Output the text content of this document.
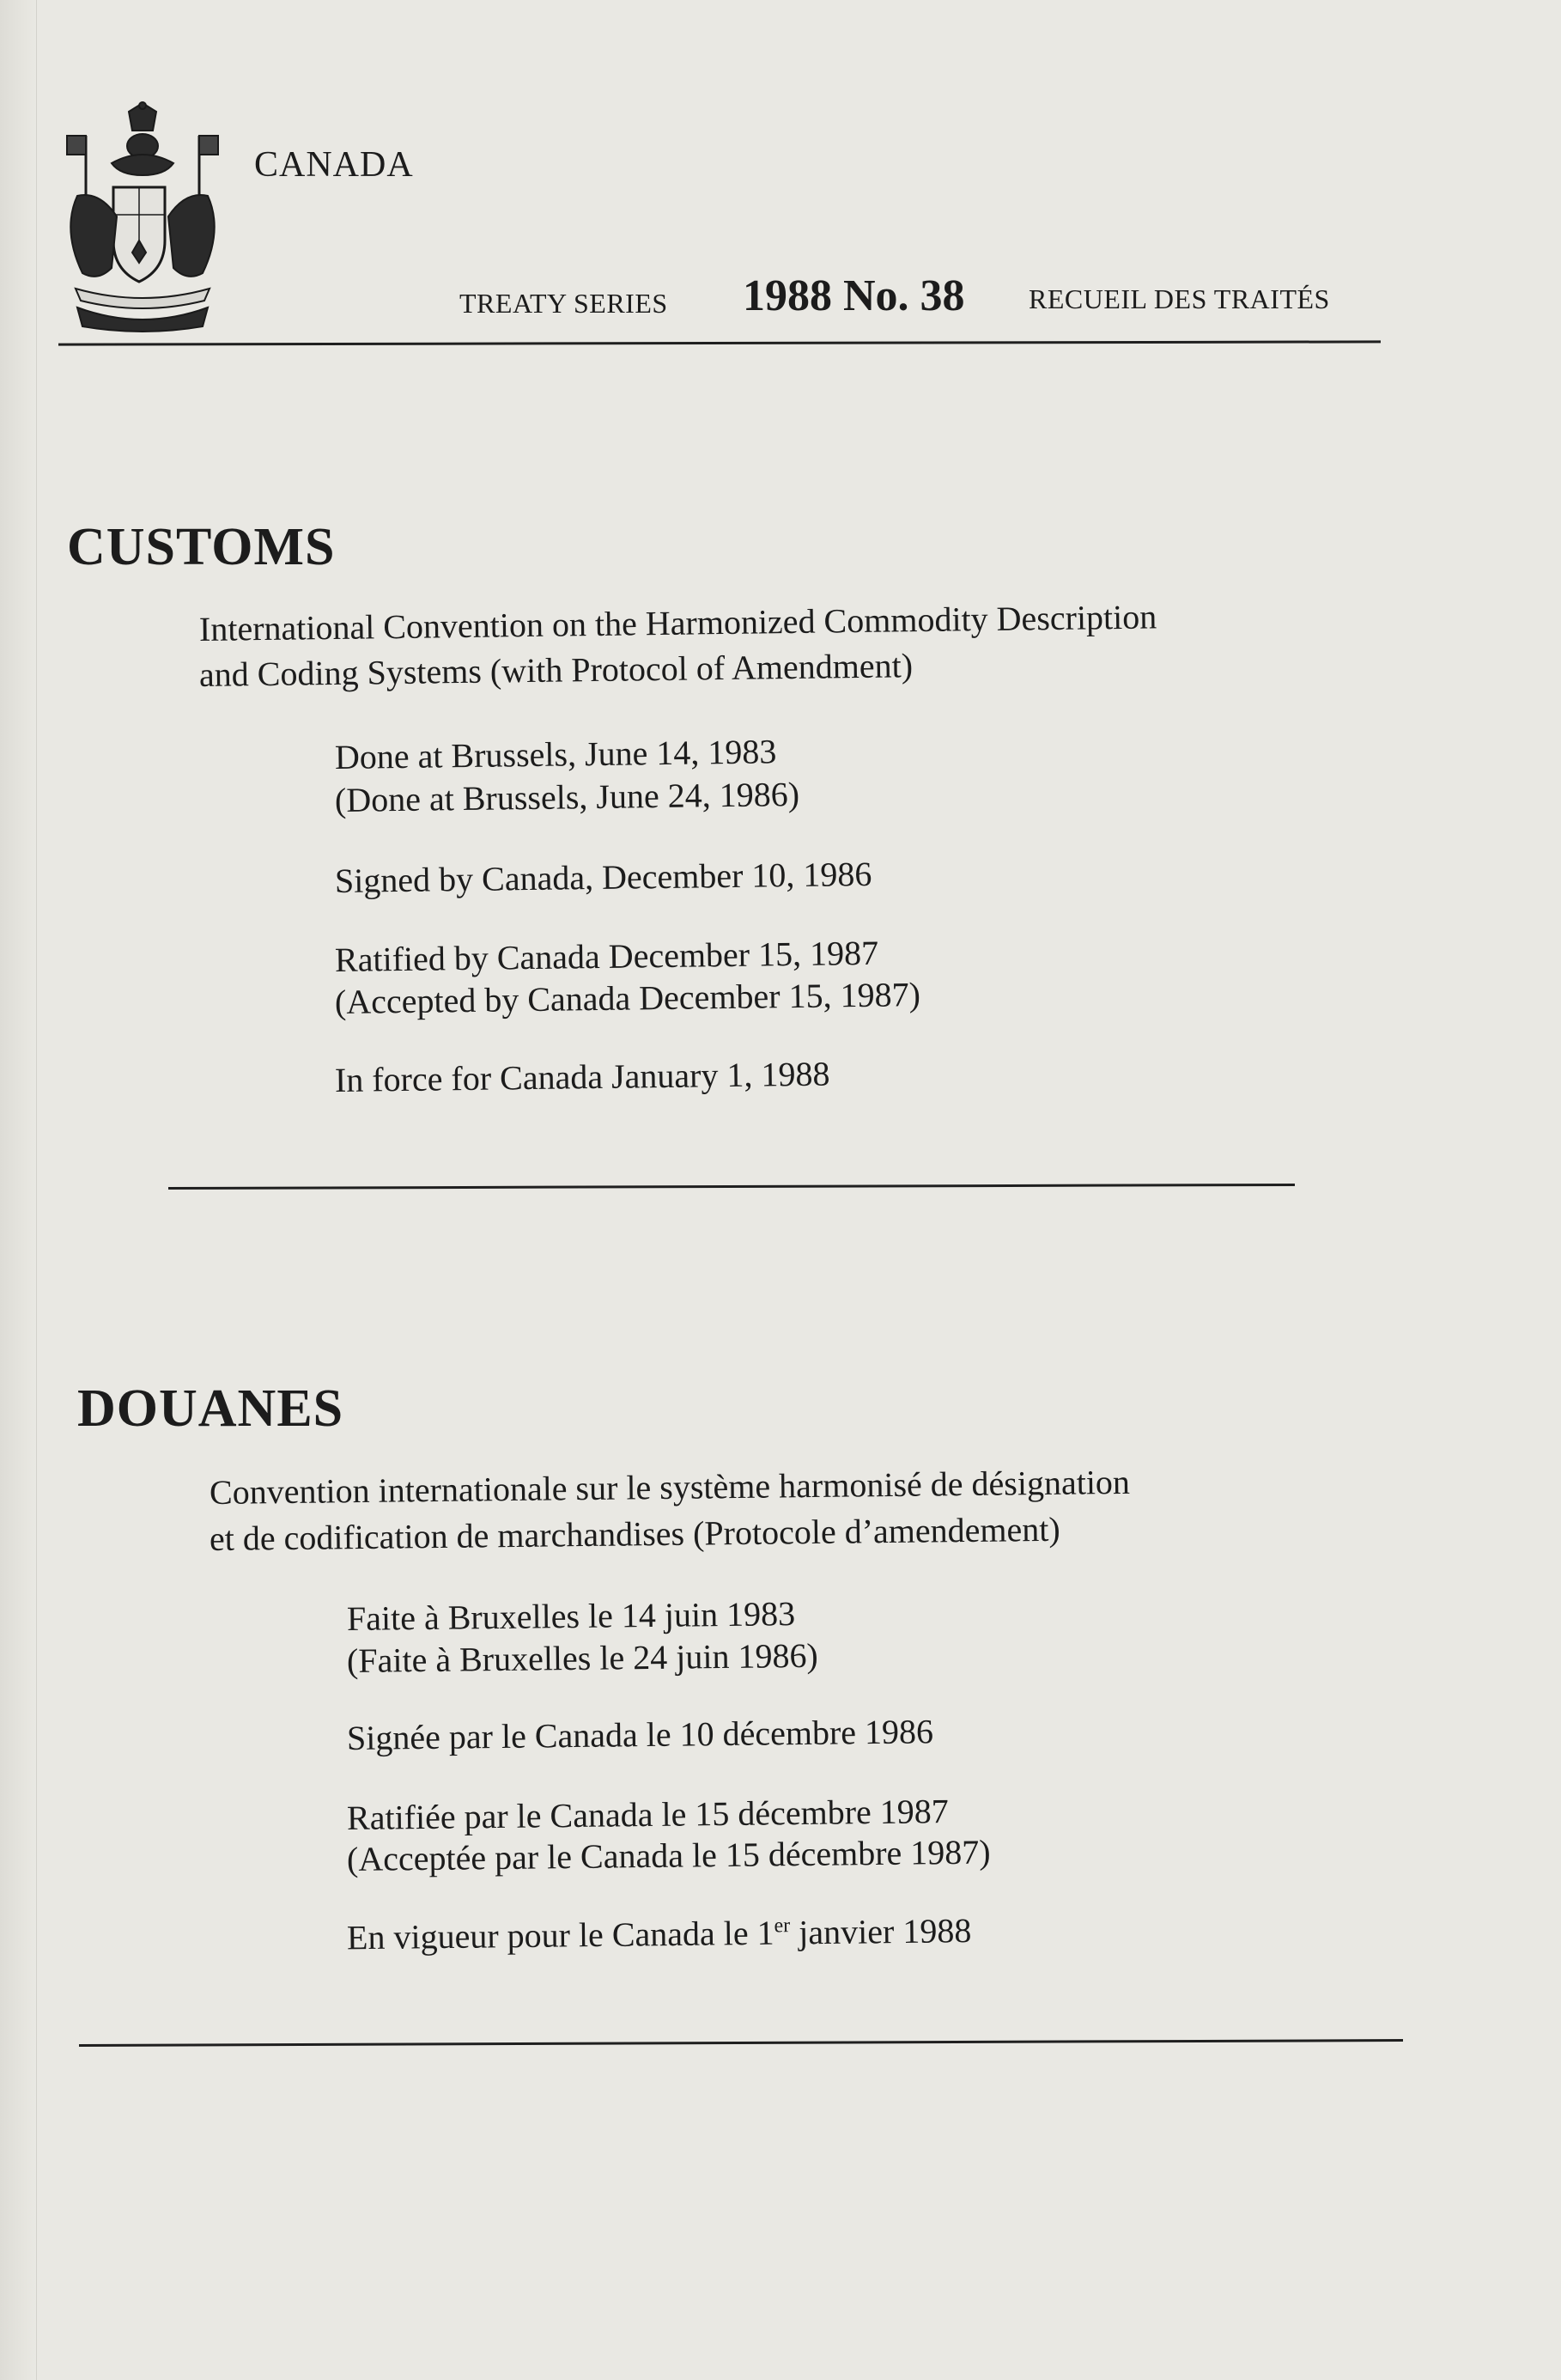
CANADA
TREATY SERIES 1988 No. 38 RECUEIL DES TRAITÉS
CUSTOMS
International Convention on the Harmonized Commodity Description
and Coding Systems (with Protocol of Amendment)
Done at Brussels, June 14, 1983
(Done at Brussels, June 24, 1986)
Signed by Canada, December 10, 1986
Ratified by Canada December 15, 1987
(Accepted by Canada December 15, 1987)
In force for Canada January 1, 1988
DOUANES
Convention internationale sur le système harmonisé de désignation
et de codification de marchandises (Protocole d’amendement)
Faite à Bruxelles le 14 juin 1983
(Faite à Bruxelles le 24 juin 1986)
Signée par le Canada le 10 décembre 1986
Ratifiée par le Canada le 15 décembre 1987
(Acceptée par le Canada le 15 décembre 1987)
En vigueur pour le Canada le 1er janvier 1988
